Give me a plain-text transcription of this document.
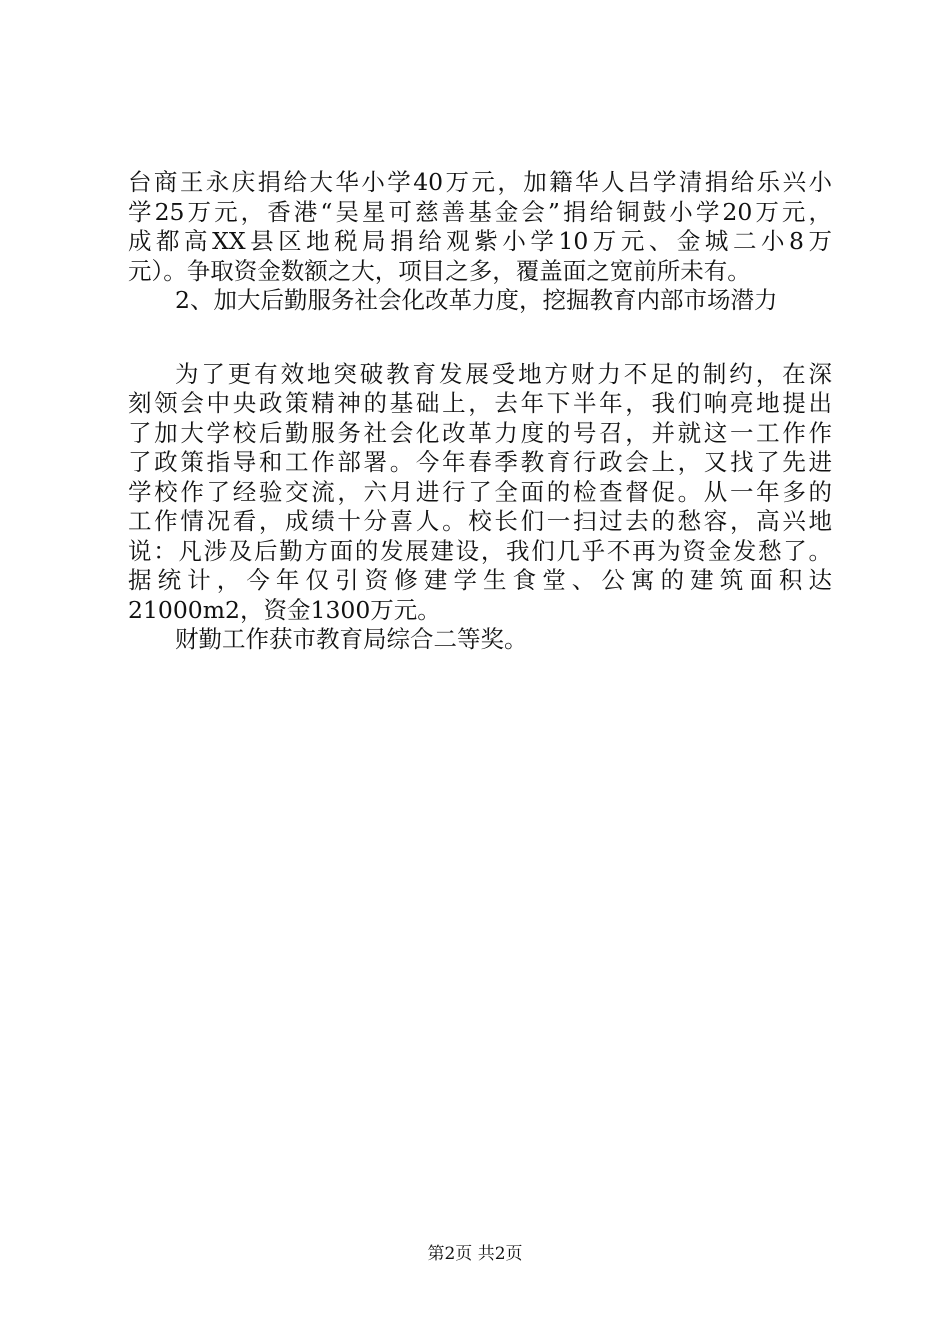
台商王永庆捐给大华小学40万元，加籍华人吕学清捐给乐兴小
学25万元，香港“吴星可慈善基金会”捐给铜鼓小学20万元，
成都高XX县区地税局捐给观紫小学10万元、金城二小8万
元）。争取资金数额之大，项目之多，覆盖面之宽前所未有。
2、加大后勤服务社会化改革力度，挖掘教育内部市场潜力
为了更有效地突破教育发展受地方财力不足的制约，在深
刻领会中央政策精神的基础上，去年下半年，我们响亮地提出
了加大学校后勤服务社会化改革力度的号召，并就这一工作作
了政策指导和工作部署。今年春季教育行政会上，又找了先进
学校作了经验交流，六月进行了全面的检查督促。从一年多的
工作情况看，成绩十分喜人。校长们一扫过去的愁容，高兴地
说：凡涉及后勤方面的发展建设，我们几乎不再为资金发愁了。
据统计，今年仅引资修建学生食堂、公寓的建筑面积达
21000m2，资金1300万元。
财勤工作获市教育局综合二等奖。
第2页 共2页
